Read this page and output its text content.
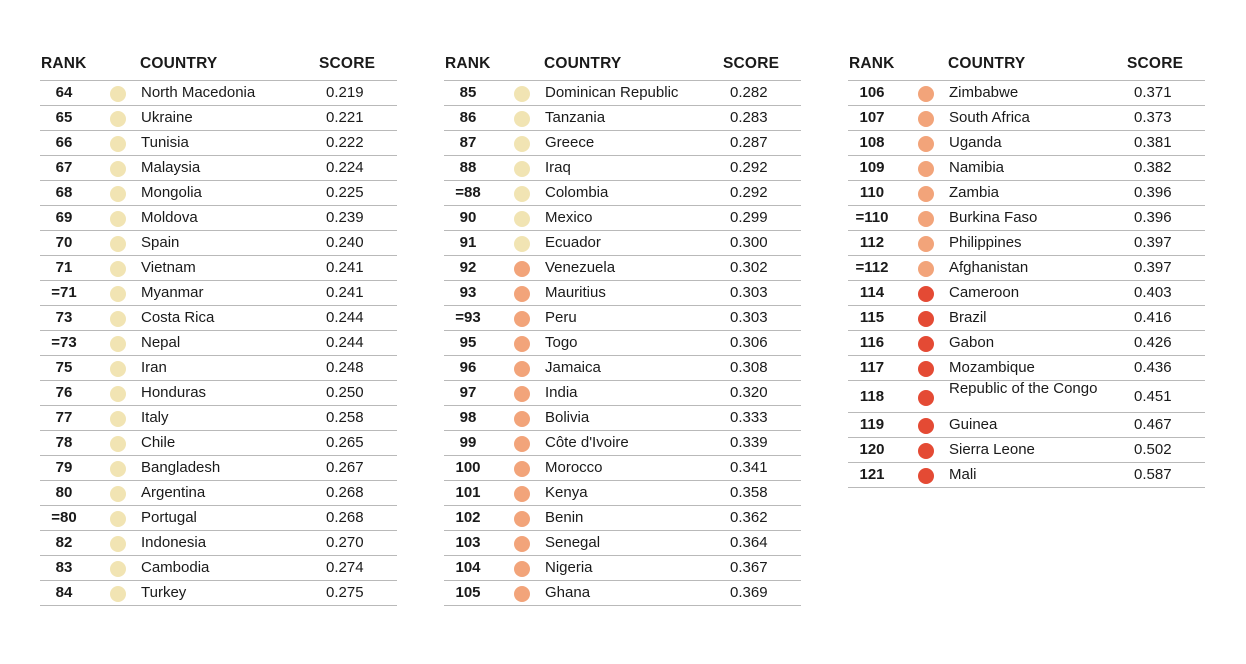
RANK	COUNTRY	SCORE
64	North Macedonia	0.219
65	Ukraine	0.221
66	Tunisia	0.222
67	Malaysia	0.224
68	Mongolia	0.225
69	Moldova	0.239
70	Spain	0.240
71	Vietnam	0.241
=71	Myanmar	0.241
73	Costa Rica	0.244
=73	Nepal	0.244
75	Iran	0.248
76	Honduras	0.250
77	Italy	0.258
78	Chile	0.265
79	Bangladesh	0.267
80	Argentina	0.268
=80	Portugal	0.268
82	Indonesia	0.270
83	Cambodia	0.274
84	Turkey	0.275
RANK	COUNTRY	SCORE
85	Dominican Republic	0.282
86	Tanzania	0.283
87	Greece	0.287
88	Iraq	0.292
=88	Colombia	0.292
90	Mexico	0.299
91	Ecuador	0.300
92	Venezuela	0.302
93	Mauritius	0.303
=93	Peru	0.303
95	Togo	0.306
96	Jamaica	0.308
97	India	0.320
98	Bolivia	0.333
99	Côte d'Ivoire	0.339
100	Morocco	0.341
101	Kenya	0.358
102	Benin	0.362
103	Senegal	0.364
104	Nigeria	0.367
105	Ghana	0.369
RANK	COUNTRY	SCORE
106	Zimbabwe	0.371
107	South Africa	0.373
108	Uganda	0.381
109	Namibia	0.382
110	Zambia	0.396
=110	Burkina Faso	0.396
112	Philippines	0.397
=112	Afghanistan	0.397
114	Cameroon	0.403
115	Brazil	0.416
116	Gabon	0.426
117	Mozambique	0.436
118	Republic of the Congo 0.451
119	Guinea	0.467
120	Sierra Leone	0.502
121	Mali	0.587
